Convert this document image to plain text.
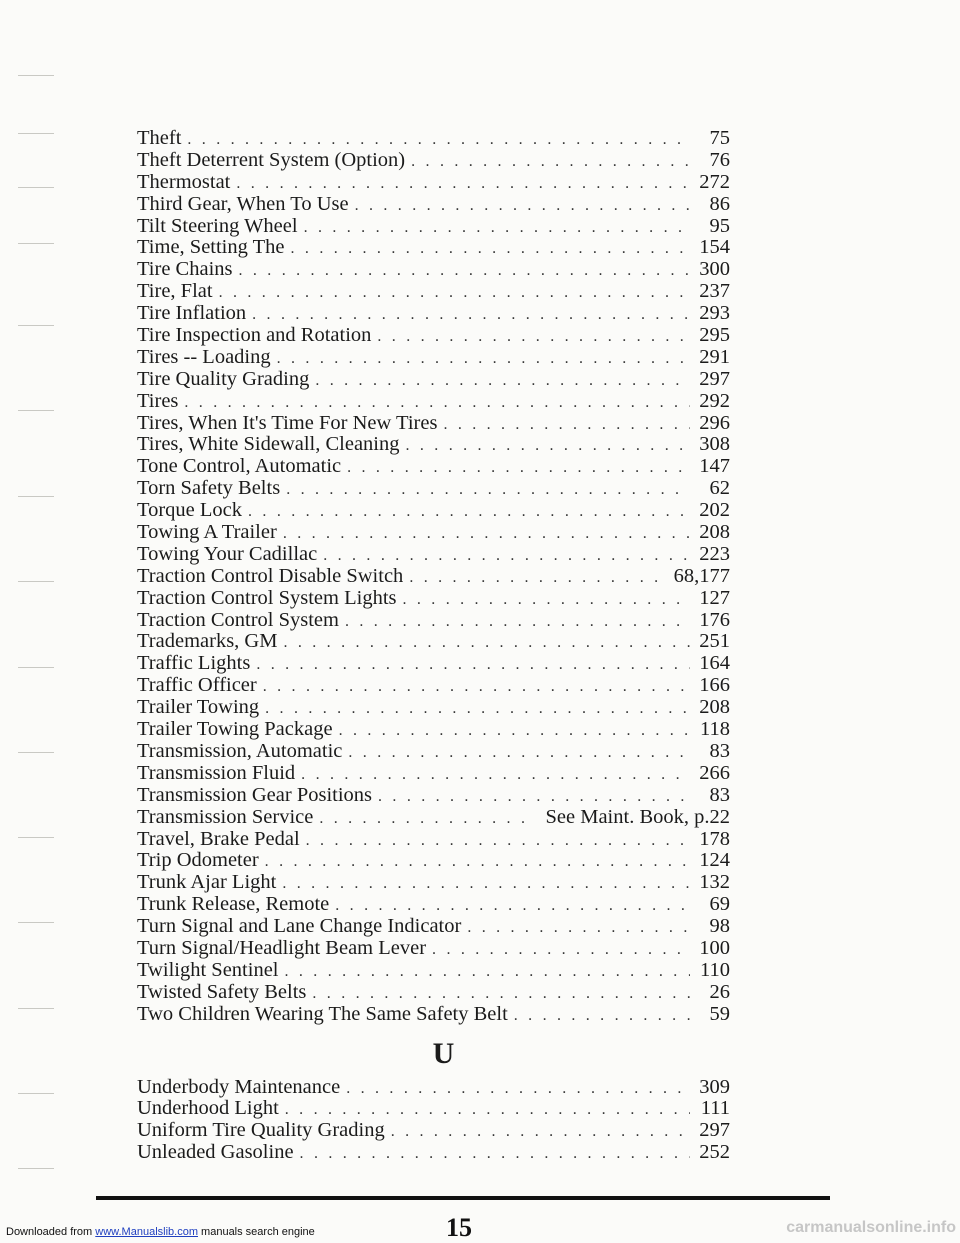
Theft . . .	75
Theft Deterrent System (Option) . . .	76
Thermostat . . .	272
Third Gear, When To Use . . .	86
Tilt Steering Wheel . . .	95
Time, Setting The . . .	154
Tire Chains . . .	300
Tire, Flat . . .	237
Tire Inflation . . .	293
Tire Inspection and Rotation . . .	295
Tires -- Loading . . .	291
Tire Quality Grading . . .	297
Tires . . .	292
Tires, When It's Time For New Tires . . .	296
Tires, White Sidewall, Cleaning . . .	308
Tone Control, Automatic . . .	147
Torn Safety Belts . . .	62
Torque Lock . . .	202
Towing A Trailer . . .	208
Towing Your Cadillac . . .	223
Traction Control Disable Switch . . .	68,177
Traction Control System Lights . . .	127
Traction Control System . . .	176
Trademarks, GM . . .	251
Traffic Lights . . .	164
Traffic Officer . . .	166
Trailer Towing . . .	208
Trailer Towing Package . . .	118
Transmission, Automatic . . .	83
Transmission Fluid . . .	266
Transmission Gear Positions . . .	83
Transmission Service . . .	See Maint. Book, p.22
Travel, Brake Pedal . . .	178
Trip Odometer . . .	124
Trunk Ajar Light . . .	132
Trunk Release, Remote . . .	69
Turn Signal and Lane Change Indicator . . .	98
Turn Signal/Headlight Beam Lever . . .	100
Twilight Sentinel . . .	110
Twisted Safety Belts . . .	26
Two Children Wearing The Same Safety Belt . . .	59
U
Underbody Maintenance . . .	309
Underhood Light . . .	111
Uniform Tire Quality Grading . . .	297
Unleaded Gasoline . . .	252
Downloaded from www.Manualslib.com manuals search engine	15	carmanualsonline.info
